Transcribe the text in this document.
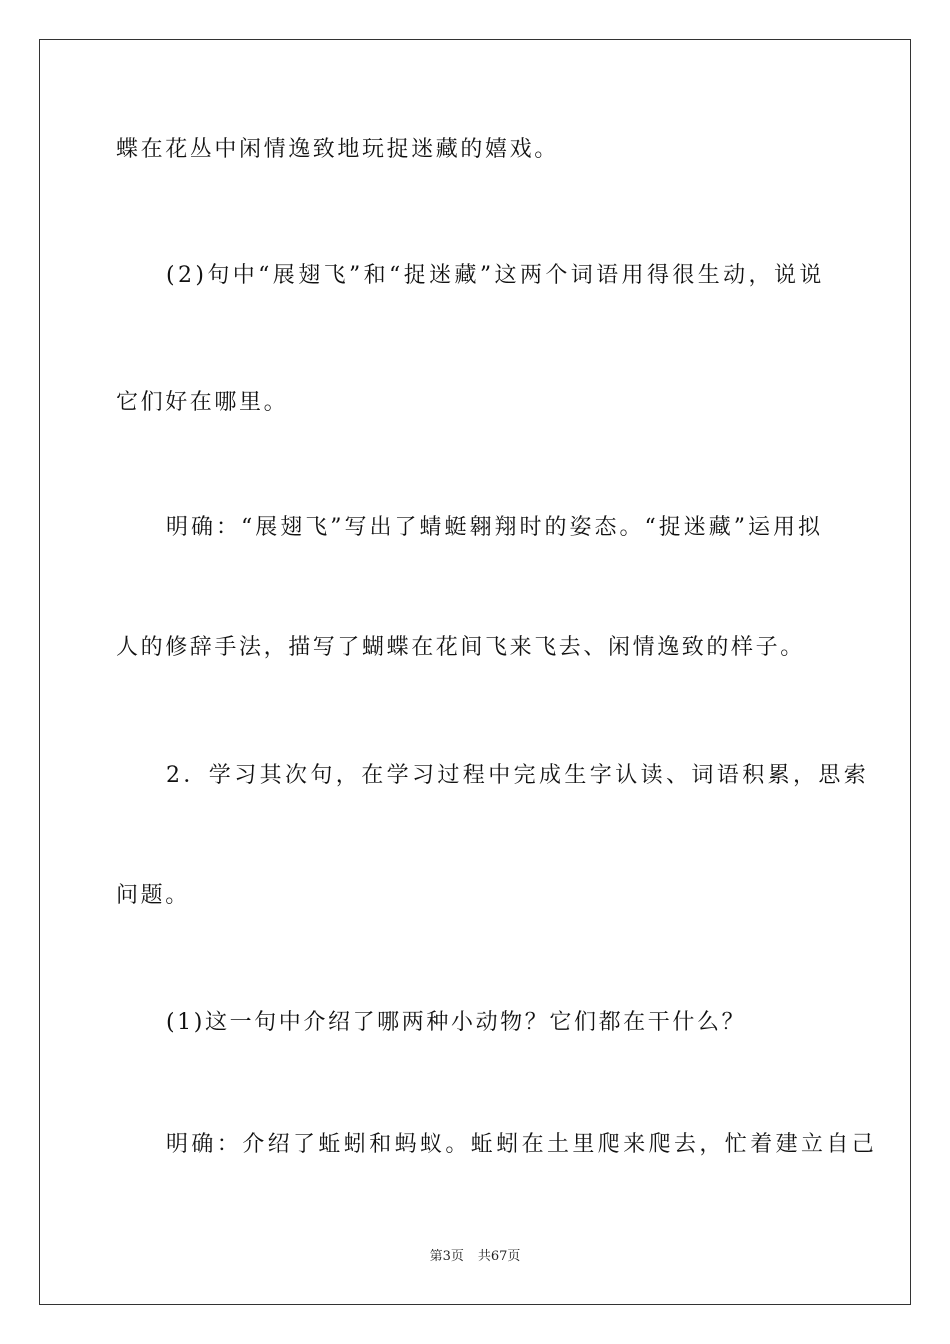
蝶在花丛中闲情逸致地玩捉迷藏的嬉戏。
(2)句中“展翅飞”和“捉迷藏”这两个词语用得很生动，说说
它们好在哪里。
明确：“展翅飞”写出了蜻蜓翱翔时的姿态。“捉迷藏”运用拟
人的修辞手法，描写了蝴蝶在花间飞来飞去、闲情逸致的样子。
2．学习其次句，在学习过程中完成生字认读、词语积累，思索
问题。
(1)这一句中介绍了哪两种小动物？它们都在干什么？
明确：介绍了蚯蚓和蚂蚁。蚯蚓在土里爬来爬去，忙着建立自己
第3页 共67页
